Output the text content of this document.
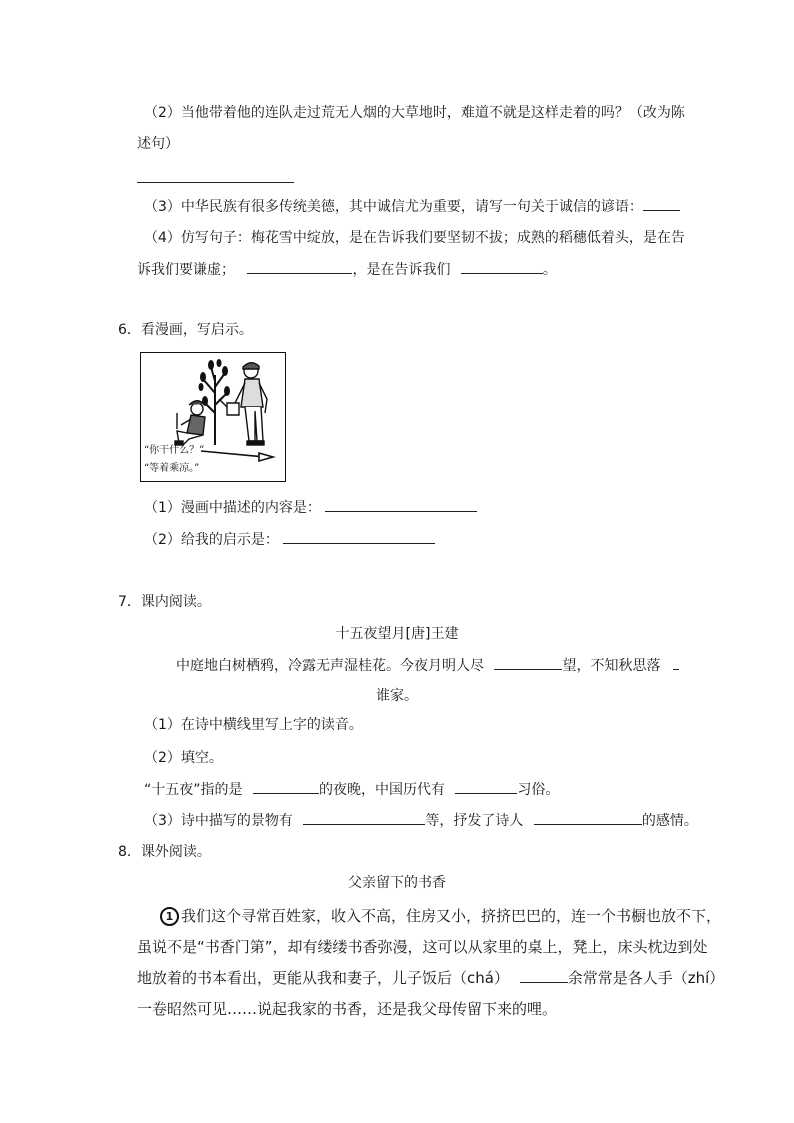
（2）当他带着他的连队走过荒无人烟的大草地时，难道不就是这样走着的吗？（改为陈
述句）
（3）中华民族有很多传统美德，其中诚信尤为重要，请写一句关于诚信的谚语：
（4）仿写句子：梅花雪中绽放，是在告诉我们要坚韧不拔；成熟的稻穗低着头，是在告
诉我们要谦虚；	，是在告诉我们	。
6．看漫画，写启示。
“你干什么？”
“等着乘凉。”
（1）漫画中描述的内容是：
（2）给我的启示是：
7．课内阅读。
十五夜望月[唐]王建
中庭地白树栖鸦，冷露无声湿桂花。今夜月明人尽	望，不知秋思落
谁家。
（1）在诗中横线里写上字的读音。
（2）填空。
“十五夜”指的是	的夜晚，中国历代有	习俗。
（3）诗中描写的景物有	等，抒发了诗人	的感情。
8．课外阅读。
父亲留下的书香
1 我们这个寻常百姓家，收入不高，住房又小，挤挤巴巴的，连一个书橱也放不下，
虽说不是“书香门第”，却有缕缕书香弥漫，这可以从家里的桌上，凳上，床头枕边到处
地放着的书本看出，更能从我和妻子，儿子饭后（chá）	余常常是各人手（zhí）
一卷昭然可见……说起我家的书香，还是我父母传留下来的哩。
